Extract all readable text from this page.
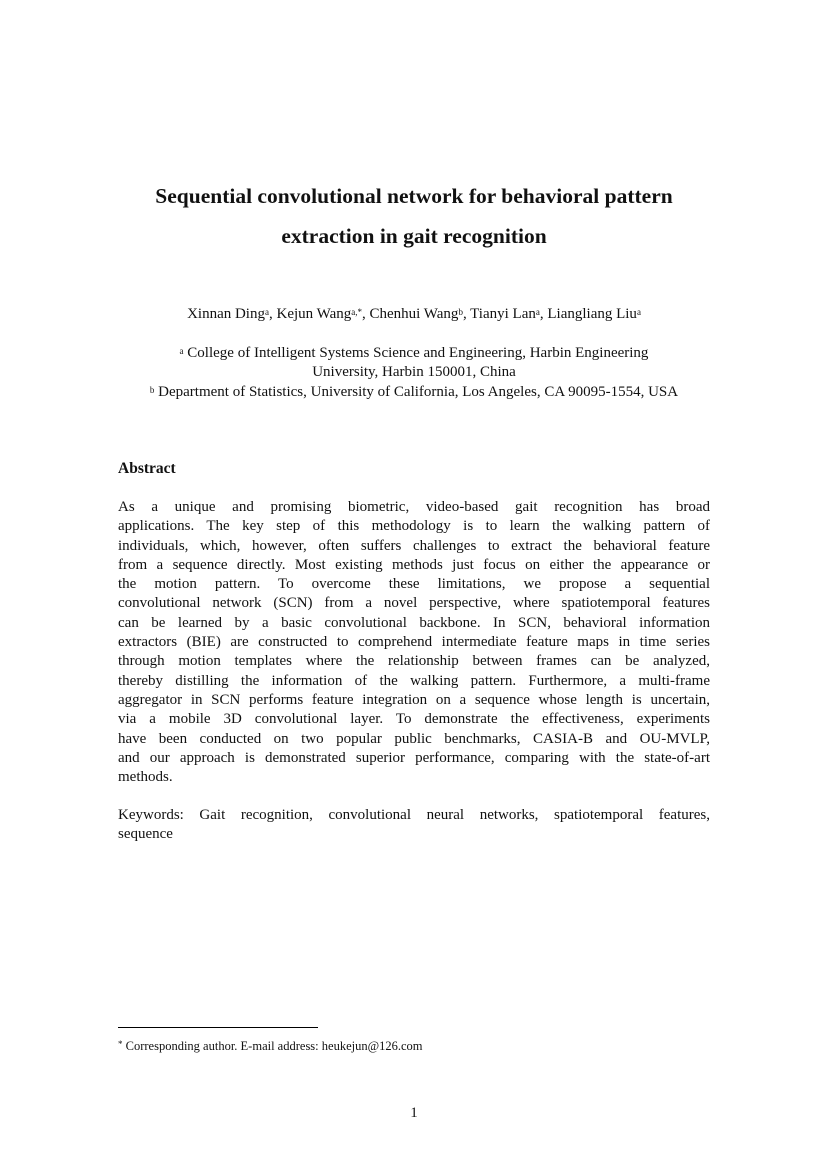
Sequential convolutional network for behavioral pattern
extraction in gait recognition
Xinnan Ding$^a$, Kejun Wang$^{a,*}$, Chenhui Wang$^b$, Tianyi Lan$^a$, Liangliang Liu$^a$
$^a$ College of Intelligent Systems Science and Engineering, Harbin Engineering
University, Harbin 150001, China
$^b$ Department of Statistics, University of California, Los Angeles, CA 90095-1554, USA
Abstract
As a unique and promising biometric, video-based gait recognition has broad
applications. The key step of this methodology is to learn the walking pattern of
individuals, which, however, often suffers challenges to extract the behavioral feature
from a sequence directly. Most existing methods just focus on either the appearance or
the motion pattern. To overcome these limitations, we propose a sequential
convolutional network (SCN) from a novel perspective, where spatiotemporal features
can be learned by a basic convolutional backbone. In SCN, behavioral information
extractors (BIE) are constructed to comprehend intermediate feature maps in time series
through motion templates where the relationship between frames can be analyzed,
thereby distilling the information of the walking pattern. Furthermore, a multi-frame
aggregator in SCN performs feature integration on a sequence whose length is uncertain,
via a mobile 3D convolutional layer. To demonstrate the effectiveness, experiments
have been conducted on two popular public benchmarks, CASIA-B and OU-MVLP,
and our approach is demonstrated superior performance, comparing with the state-of-art
methods.
Keywords: Gait recognition, convolutional neural networks, spatiotemporal features,
sequence
* Corresponding author. E-mail address: heukejun@126.com
1
